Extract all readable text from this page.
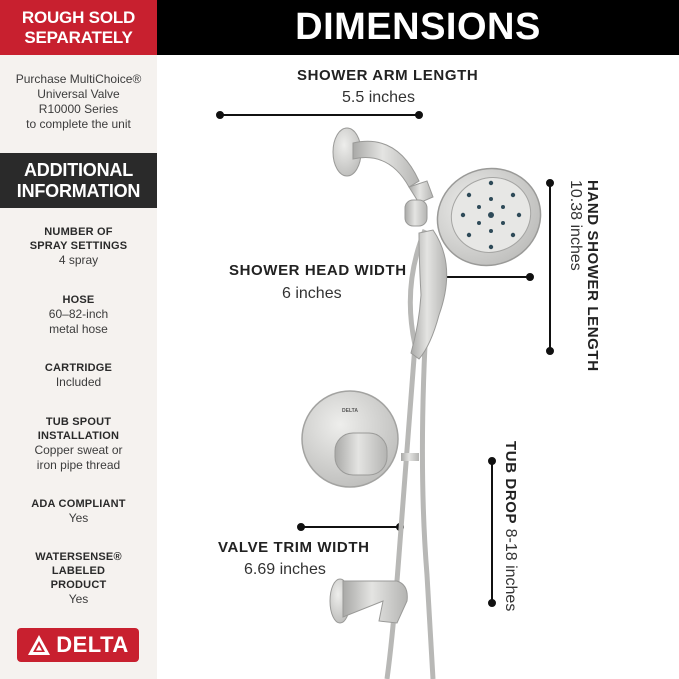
ROUGH SOLD SEPARATELY
Purchase MultiChoice®
Universal Valve
R10000 Series
to complete the unit
ADDITIONAL INFORMATION
NUMBER OF SPRAY SETTINGS
4 spray
HOSE
60–82-inch metal hose
CARTRIDGE
Included
TUB SPOUT INSTALLATION
Copper sweat or iron pipe thread
ADA COMPLIANT
Yes
WATERSENSE® LABELED PRODUCT
Yes
DELTA
DIMENSIONS
DELTA
SHOWER ARM LENGTH
5.5 inches
SHOWER HEAD WIDTH
6 inches
VALVE TRIM WIDTH
6.69 inches
HAND SHOWER LENGTH
10.38 inches
TUB DROP 8-18 inches
